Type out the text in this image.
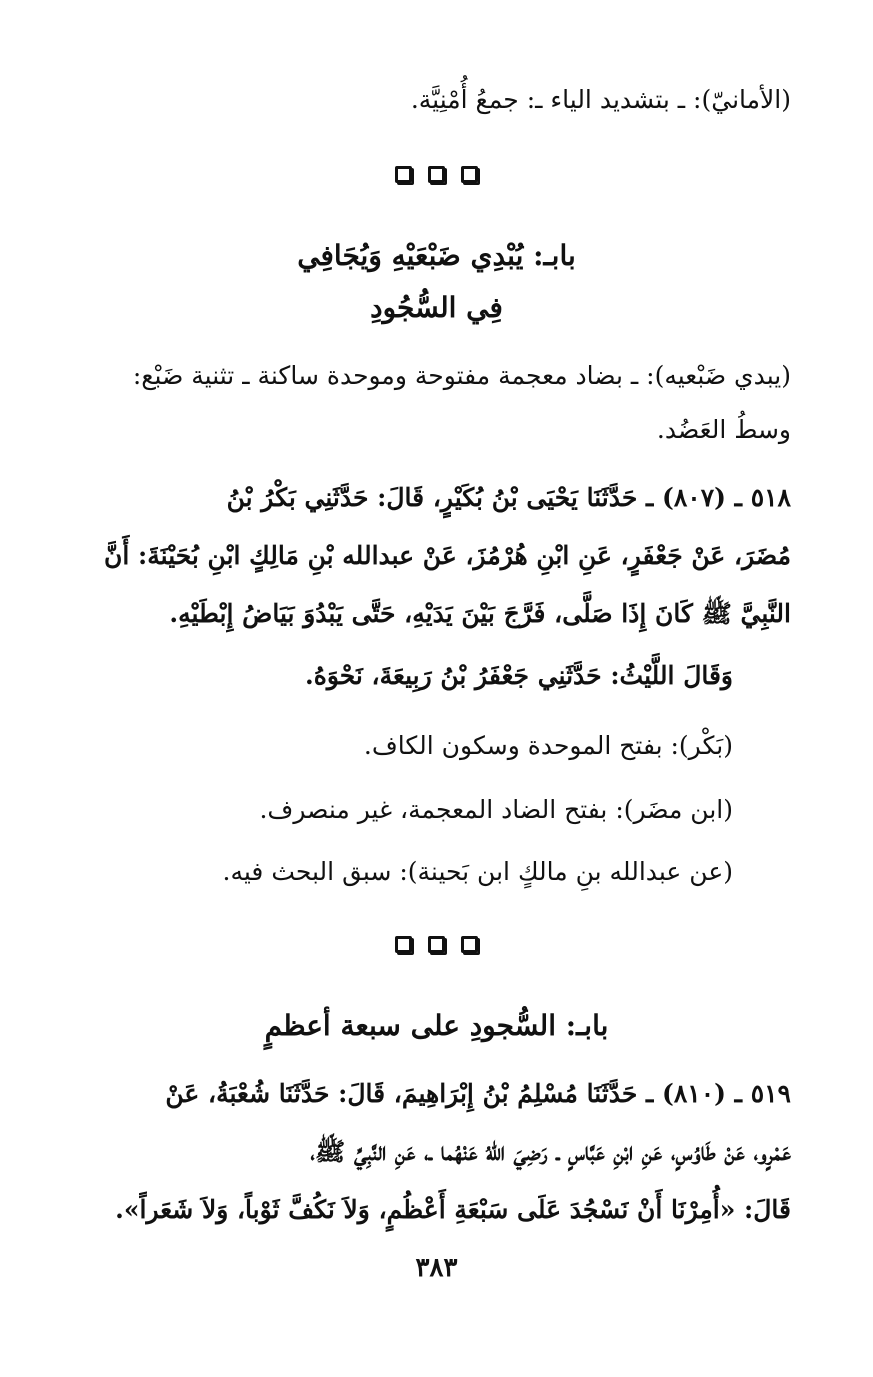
(الأمانيّ): ـ بتشديد الياء ـ: جمعُ أُمْنِيَّة.
بابـ: يُبْدِي ضَبْعَيْهِ وَيُجَافِي
فِي السُّجُودِ
(يبدي ضَبْعيه): ـ بضاد معجمة مفتوحة وموحدة ساكنة ـ تثنية ضَبْع:
وسطُ العَضُد.
٥١٨ ـ (٨٠٧) ـ حَدَّثَنَا يَحْيَى بْنُ بُكَيْرٍ، قَالَ: حَدَّثَنِي بَكْرُ بْنُ
مُضَرَ، عَنْ جَعْفَرٍ، عَنِ ابْنِ هُرْمُزَ، عَنْ عبدالله بْنِ مَالِكٍ ابْنِ بُحَيْنَةَ: أَنَّ
النَّبِيَّ ﷺ كَانَ إِذَا صَلَّى، فَرَّجَ بَيْنَ يَدَيْهِ، حَتَّى يَبْدُوَ بَيَاضُ إِبْطَيْهِ.
وَقَالَ اللَّيْثُ: حَدَّثَنِي جَعْفَرُ بْنُ رَبِيعَةَ، نَحْوَهُ.
(بَكْر): بفتح الموحدة وسكون الكاف.
(ابن مضَر): بفتح الضاد المعجمة، غير منصرف.
(عن عبدالله بنِ مالكٍ ابن بَحينة): سبق البحث فيه.
بابـ: السُّجودِ على سبعة أعظمٍ
٥١٩ ـ (٨١٠) ـ حَدَّثَنَا مُسْلِمُ بْنُ إِبْرَاهِيمَ، قَالَ: حَدَّثَنَا شُعْبَةُ، عَنْ
عَمْرٍو، عَنْ طَاوُسٍ، عَنِ ابْنِ عَبَّاسٍ ـ رَضِيَ اللهُ عَنْهُما ـ، عَنِ النَّبِيِّ ﷺ،
قَالَ: «أُمِرْنَا أَنْ نَسْجُدَ عَلَى سَبْعَةِ أَعْظُمٍ، وَلاَ نَكُفَّ ثَوْباً، وَلاَ شَعَراً».
٣٨٣
